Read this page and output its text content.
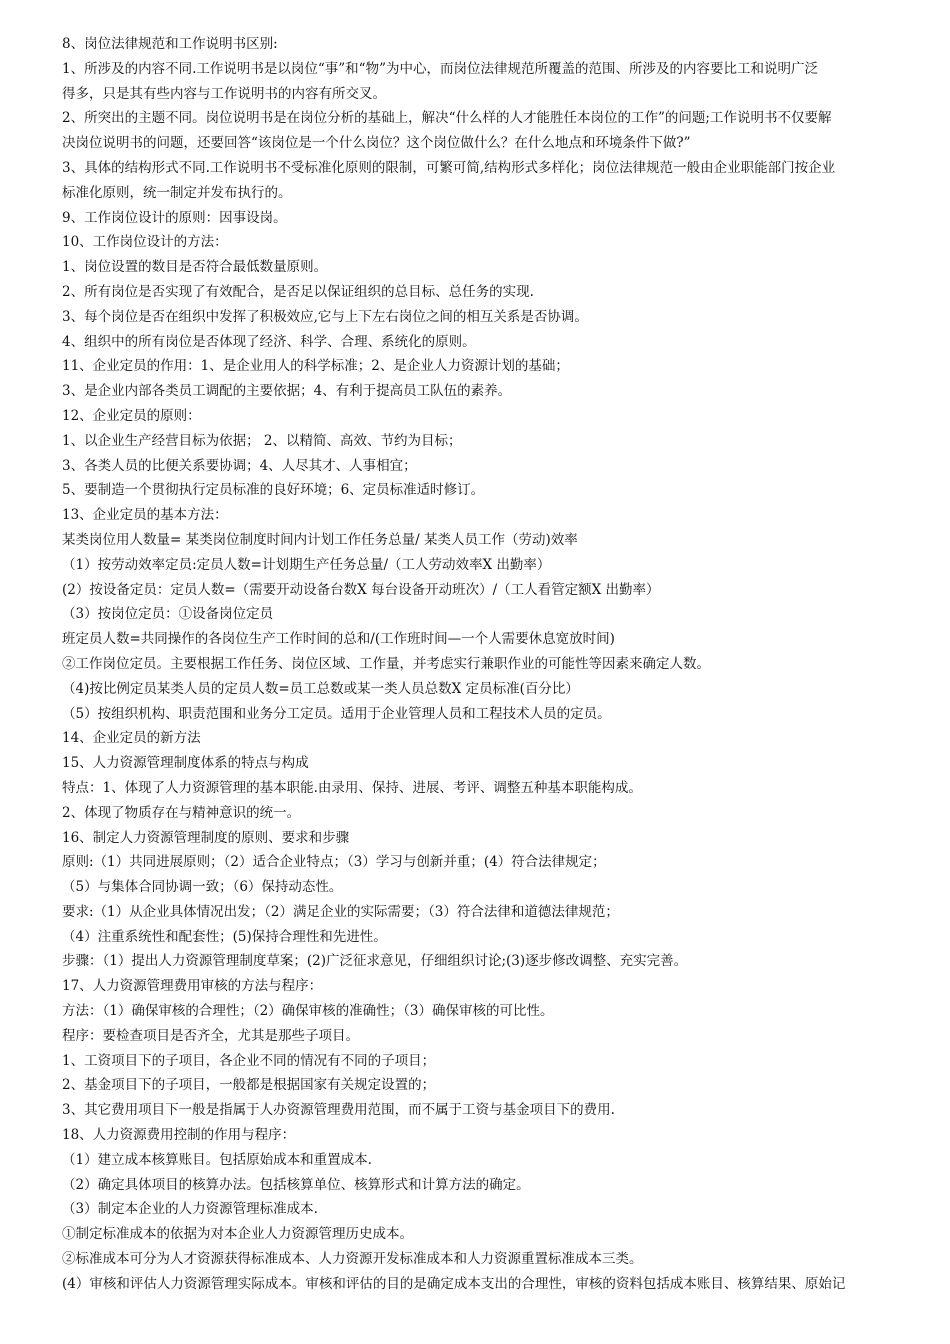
8、岗位法律规范和工作说明书区别:
1、所涉及的内容不同.工作说明书是以岗位“事”和“物”为中心，而岗位法律规范所覆盖的范围、所涉及的内容要比工和说明广泛
得多，只是其有些内容与工作说明书的内容有所交叉。
2、所突出的主题不同。岗位说明书是在岗位分析的基础上，解决“什么样的人才能胜任本岗位的工作”的问题;工作说明书不仅要解
决岗位说明书的问题，还要回答“该岗位是一个什么岗位？这个岗位做什么？在什么地点和环境条件下做?”
3、具体的结构形式不同.工作说明书不受标准化原则的限制，可繁可简,结构形式多样化；岗位法律规范一般由企业职能部门按企业
标准化原则，统一制定并发布执行的。
9、工作岗位设计的原则：因事设岗。
10、工作岗位设计的方法：
1、岗位设置的数目是否符合最低数量原则。
2、所有岗位是否实现了有效配合，是否足以保证组织的总目标、总任务的实现.
3、每个岗位是否在组织中发挥了积极效应,它与上下左右岗位之间的相互关系是否协调。
4、组织中的所有岗位是否体现了经济、科学、合理、系统化的原则。
11、企业定员的作用：1、是企业用人的科学标准；2、是企业人力资源计划的基础；
3、是企业内部各类员工调配的主要依据；4、有利于提高员工队伍的素养。
12、企业定员的原则：
1、以企业生产经营目标为依据； 2、以精简、高效、节约为目标；
3、各类人员的比便关系要协调；4、人尽其才、人事相宜；
5、要制造一个贯彻执行定员标准的良好环境；6、定员标准适时修订。
13、企业定员的基本方法：
某类岗位用人数量= 某类岗位制度时间内计划工作任务总量/ 某类人员工作（劳动)效率
（1）按劳动效率定员:定员人数=计划期生产任务总量/（工人劳动效率X 出勤率）
(2）按设备定员：定员人数=（需要开动设备台数X 每台设备开动班次）/（工人看管定额X 出勤率）
（3）按岗位定员：①设备岗位定员
班定员人数=共同操作的各岗位生产工作时间的总和/(工作班时间—一个人需要休息宽放时间)
②工作岗位定员。主要根据工作任务、岗位区域、工作量，并考虑实行兼职作业的可能性等因素来确定人数。
（4)按比例定员某类人员的定员人数=员工总数或某一类人员总数X 定员标准(百分比）
（5）按组织机构、职责范围和业务分工定员。适用于企业管理人员和工程技术人员的定员。
14、企业定员的新方法
15、人力资源管理制度体系的特点与构成
特点：1、体现了人力资源管理的基本职能.由录用、保持、进展、考评、调整五种基本职能构成。
2、体现了物质存在与精神意识的统一。
16、制定人力资源管理制度的原则、要求和步骤
原则:（1）共同进展原则；（2）适合企业特点；（3）学习与创新并重；(4）符合法律规定；
（5）与集体合同协调一致；（6）保持动态性。
要求:（1）从企业具体情况出发；（2）满足企业的实际需要；（3）符合法律和道德法律规范；
（4）注重系统性和配套性；(5)保持合理性和先进性。
步骤：（1）提出人力资源管理制度草案；(2)广泛征求意见，仔细组织讨论;(3)逐步修改调整、充实完善。
17、人力资源管理费用审核的方法与程序：
方法：（1）确保审核的合理性；（2）确保审核的准确性；（3）确保审核的可比性。
程序：要检查项目是否齐全，尤其是那些子项目。
1、工资项目下的子项目，各企业不同的情况有不同的子项目；
2、基金项目下的子项目，一般都是根据国家有关规定设置的；
3、其它费用项目下一般是指属于人办资源管理费用范围，而不属于工资与基金项目下的费用.
18、人力资源费用控制的作用与程序：
（1）建立成本核算账目。包括原始成本和重置成本.
（2）确定具体项目的核算办法。包括核算单位、核算形式和计算方法的确定。
（3）制定本企业的人力资源管理标准成本.
①制定标准成本的依据为对本企业人力资源管理历史成本。
②标准成本可分为人才资源获得标准成本、人力资源开发标准成本和人力资源重置标准成本三类。
(4）审核和评估人力资源管理实际成本。审核和评估的目的是确定成本支出的合理性，审核的资料包括成本账目、核算结果、原始记
